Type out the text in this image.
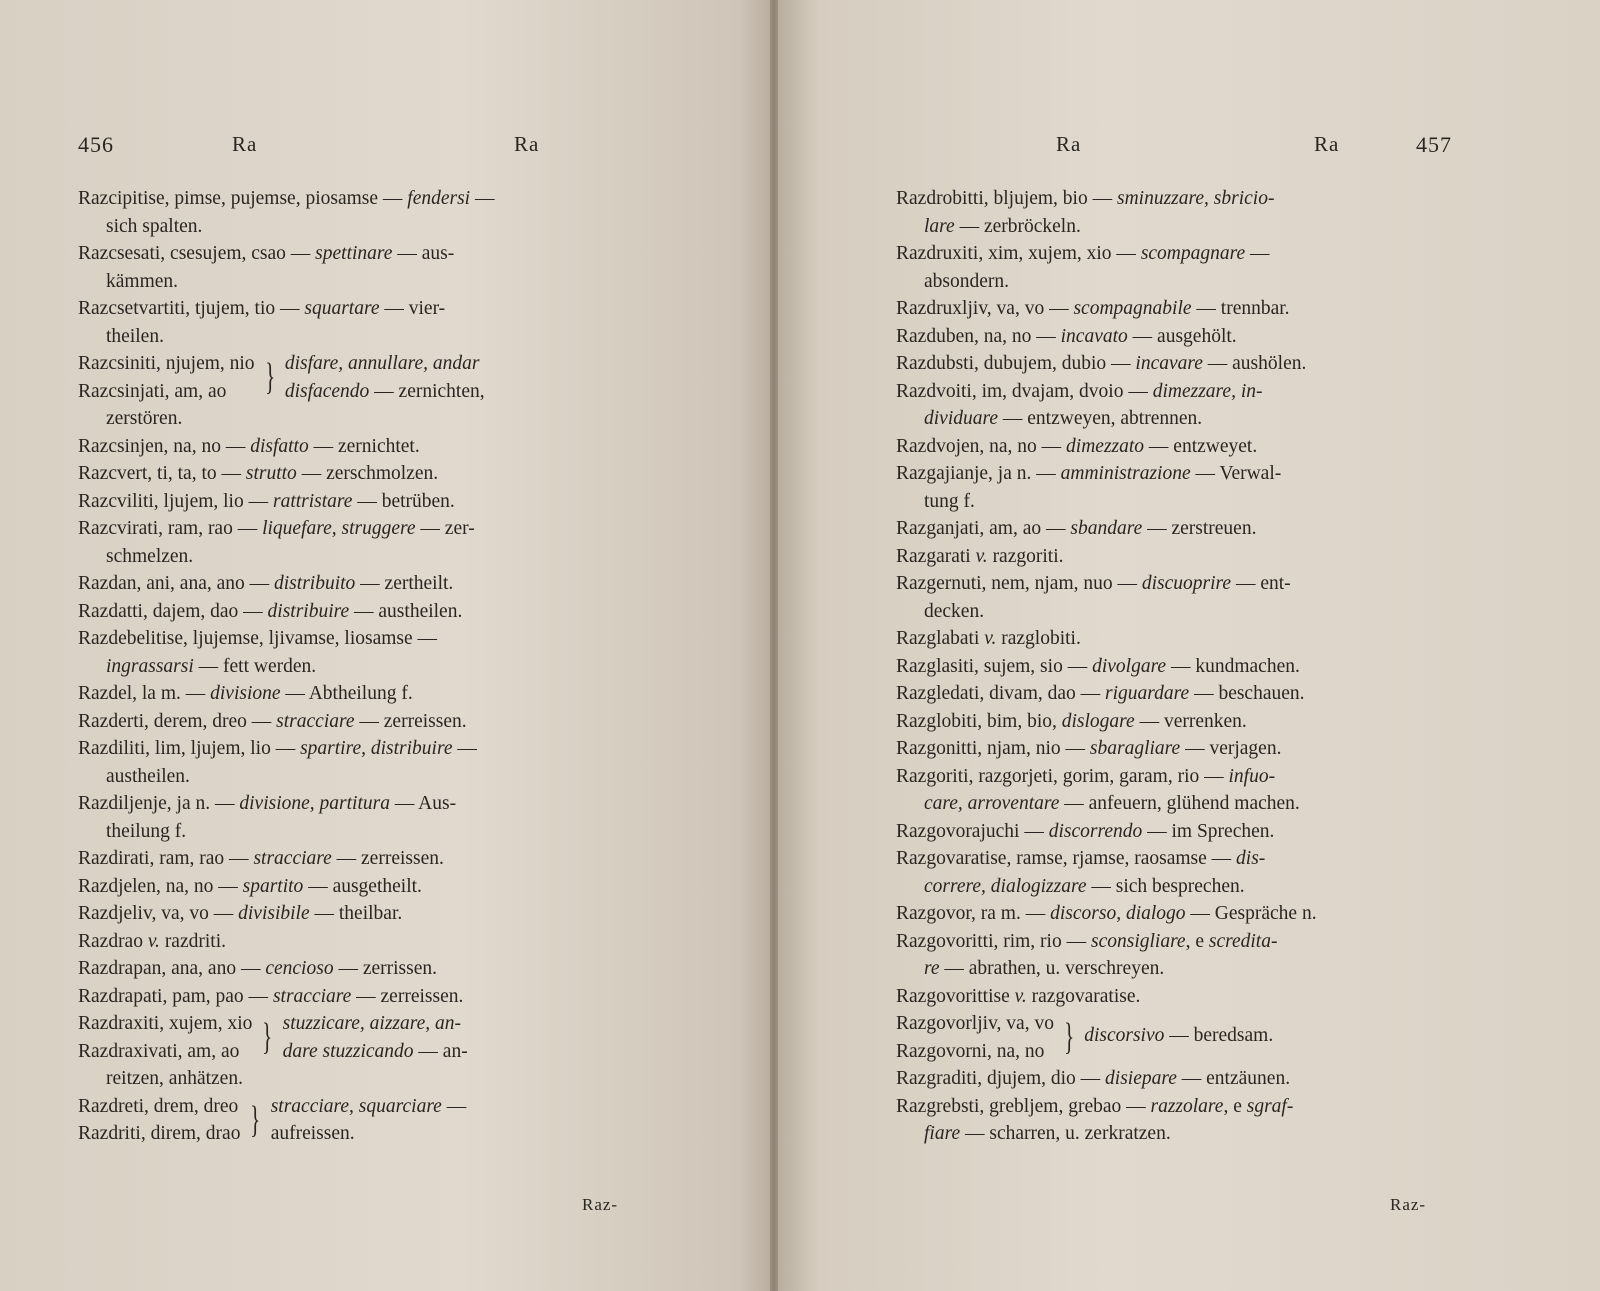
456	Ra	Ra

Razcipitise, pimse, pujemse, piosamse — fendersi —
sich spalten.

Razcsesati, csesujem, csao — spettinare — aus-
kämmen.

Razcsetvartiti, tjujem, tio — squartare — vier-
theilen.

Razcsiniti, njujem, nio
Razcsinjati, am, ao	} disfare, annullare, andar
disfacendo — zernichten,
zerstören.

Razcsinjen, na, no — disfatto — zernichtet.

Razcvert, ti, ta, to — strutto — zerschmolzen.

Razcviliti, ljujem, lio — rattristare — betrüben.

Razcvirati, ram, rao — liquefare, struggere — zer-
schmelzen.

Razdan, ani, ana, ano — distribuito — zertheilt.

Razdatti, dajem, dao — distribuire — austheilen.

Razdebelitise, ljujemse, ljivamse, liosamse —
ingrassarsi — fett werden.

Razdel, la m. — divisione — Abtheilung f.

Razderti, derem, dreo — stracciare — zerreissen.

Razdiliti, lim, ljujem, lio — spartire, distribuire —
austheilen.

Razdiljenje, ja n. — divisione, partitura — Aus-
theilung f.

Razdirati, ram, rao — stracciare — zerreissen.

Razdjelen, na, no — spartito — ausgetheilt.

Razdjeliv, va, vo — divisibile — theilbar.

Razdrao v. razdriti.

Razdrapan, ana, ano — cencioso — zerrissen.

Razdrapati, pam, pao — stracciare — zerreissen.

Razdraxiti, xujem, xio
Razdraxivati, am, ao } stuzzicare, aizzare, an-
dare stuzzicando — an-
reitzen, anhätzen.
Razdreti, drem, dreo
Razdriti, direm, drao } stracciare, squarciare —
aufreissen.
Raz-
Ra	Ra	457

Razdrobitti, bljujem, bio — sminuzzare, sbricio-
lare — zerbröckeln.

Razdruxiti, xim, xujem, xio — scompagnare —
absondern.

Razdruxljiv, va, vo — scompagnabile — trennbar.

Razduben, na, no — incavato — ausgehölt.

Razdubsti, dubujem, dubio — incavare — aushölen.

Razdvoiti, im, dvajam, dvoio — dimezzare, in-
dividuare — entzweyen, abtrennen.

Razdvojen, na, no — dimezzato — entzweyet.

Razgajianje, ja n. — amministrazione — Verwal-
tung f.

Razganjati, am, ao — sbandare — zerstreuen.

Razgarati v. razgoriti.

Razgernuti, nem, njam, nuo — discuoprire — ent-
decken.

Razglabati v. razglobiti.

Razglasiti, sujem, sio — divolgare — kundmachen.

Razgledati, divam, dao — riguardare — beschauen.

Razglobiti, bim, bio, dislogare — verrenken.

Razgonitti, njam, nio — sbaragliare — verjagen.

Razgoriti, razgorjeti, gorim, garam, rio — infuo-
care, arroventare — anfeuern, glühend machen.

Razgovorajuchi — discorrendo — im Sprechen.

Razgovaratise, ramse, rjamse, raosamse — dis-
correre, dialogizzare — sich besprechen.

Razgovor, ra m. — discorso, dialogo — Gespräche n.

Razgovoritti, rim, rio — sconsigliare, e screditа-
re — abrathen, u. verschreyen.

Razgovorittise v. razgovaratise.

Razgovorljiv, va, vo
Razgovorni, na, no } discorsivo — beredsam.

Razgraditi, djujem, dio — disiepare — entzäunen.

Razgrebsti, grebljem, grebao — razzolare, e sgraf-
fiare — scharren, u. zerkratzen.

Raz-
